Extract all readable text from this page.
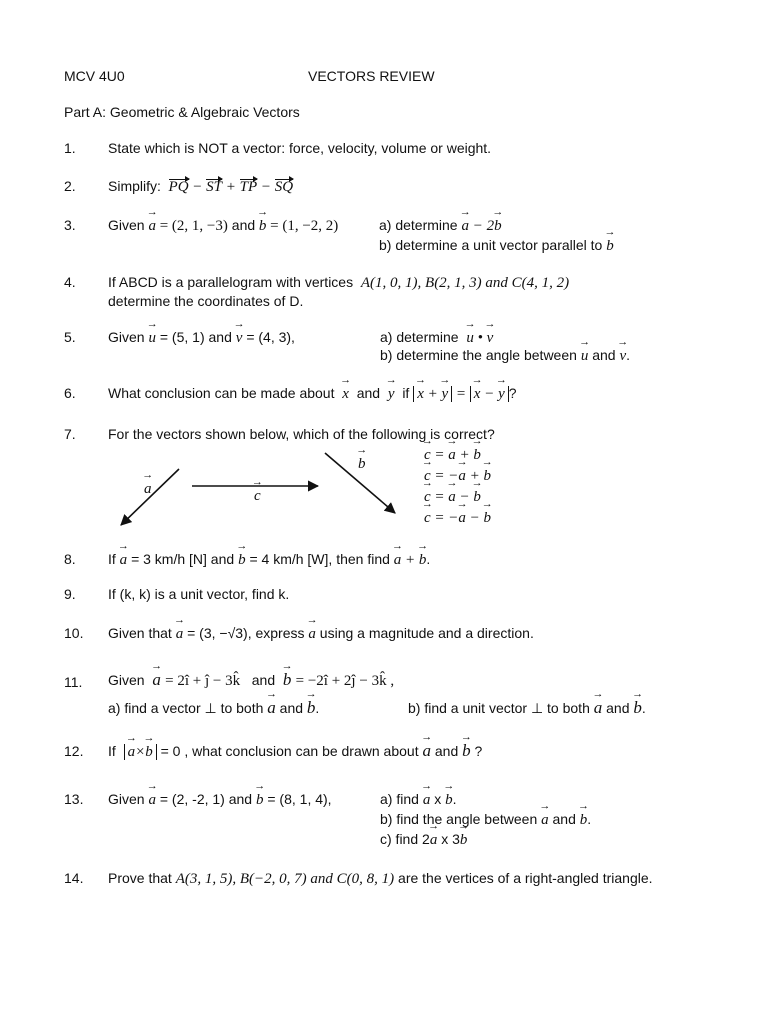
MCV 4U0	VECTORS REVIEW
Part A: Geometric & Algebraic Vectors
1. State which is NOT a vector: force, velocity, volume or weight.
2. Simplify: PQ − ST + TP − SQ
3. Given → a = (2, 1, −3) and → b = (1, −2, 2)	a) determine → a − 2→ b
b) determine a unit vector parallel to → b
4. If ABCD is a parallelogram with vertices A(1, 0, 1), B(2, 1, 3) and C(4, 1, 2)
determine the coordinates of D.
5. Given → u = (5, 1) and → v = (4, 3),	a) determine → u • → v
b) determine the angle between → u and → v.
6. What conclusion can be made about → x and → y if → x + → y = → x − → y ?
7. For the vectors shown below, which of the following is correct?
→ a	→ c
→ b
→ c = → a + → b
→ c = −→ a + → b
→ c = → a − → b
→ c = −→ a − → b
8. If → a = 3 km/h [N] and → b = 4 km/h [W], then find → a + → b.
9. If (k, k) is a unit vector, find k.
10. Given that → a = (3, −√3), express → a using a magnitude and a direction.
11. Given → a = 2î + ĵ − 3k̂ and → b = −2î + 2ĵ − 3k̂ ,
a) find a vector ⊥ to both → a and → b.	b) find a unit vector ⊥ to both → a and → b.
12. If → a×→ b = 0 , what conclusion can be drawn about → a and → b ?
13. Given → a = (2, -2, 1) and → b = (8, 1, 4),	a) find → a x → b.
b) find the angle between → a and → b.
c) find 2→ a x 3→ b
14. Prove that A(3, 1, 5), B(−2, 0, 7) and C(0, 8, 1) are the vertices of a right-angled triangle.
